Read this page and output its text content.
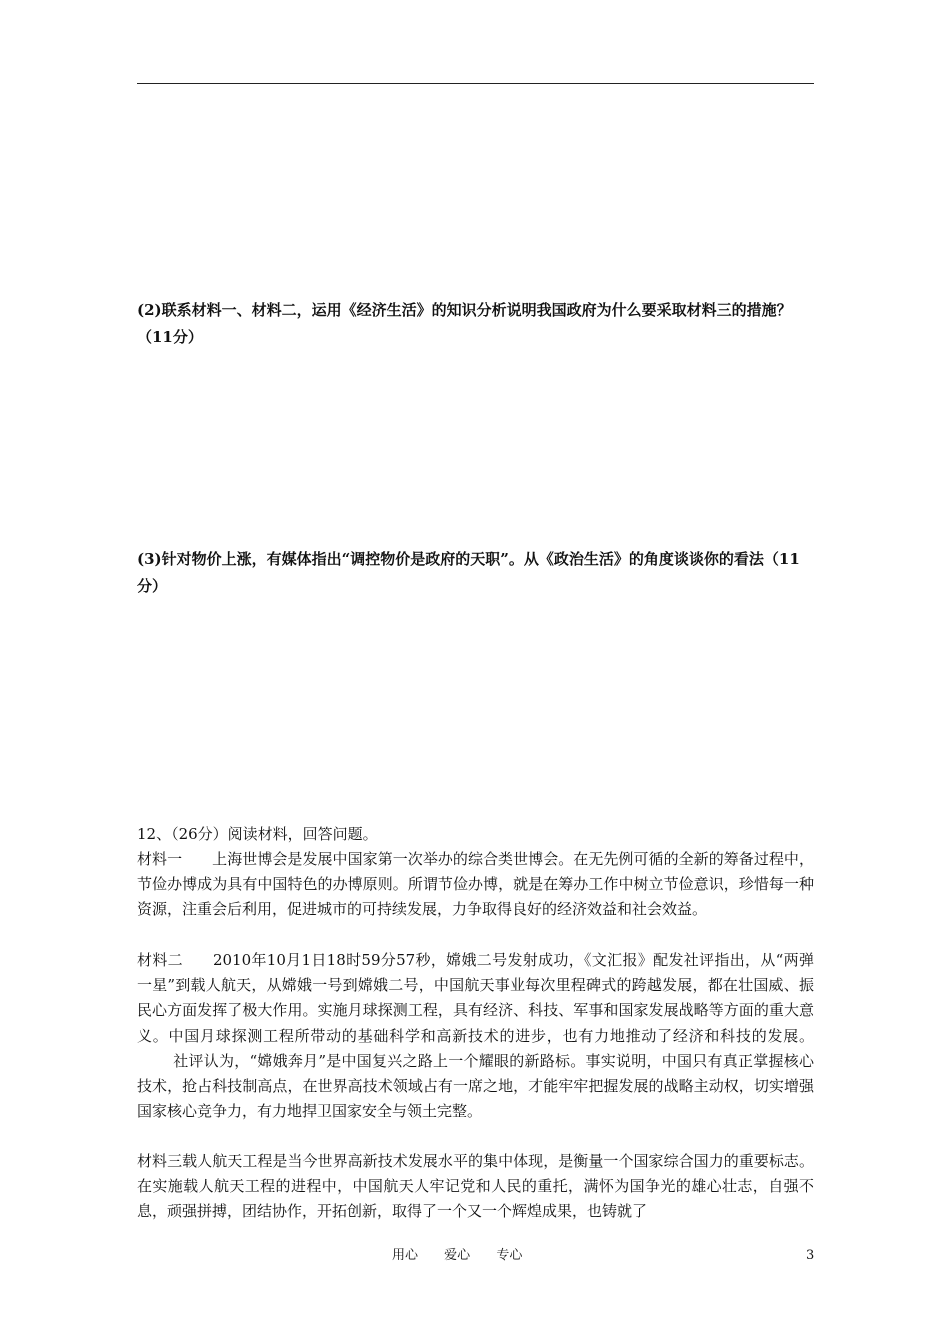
(2)联系材料一、材料二，运用《经济生活》的知识分析说明我国政府为什么要采取材料三的措施？（11分）
(3)针对物价上涨，有媒体指出“调控物价是政府的天职”。从《政治生活》的角度谈谈你的看法（11分）
12、（26分）阅读材料，回答问题。
材料一 上海世博会是发展中国家第一次举办的综合类世博会。在无先例可循的全新的筹备过程中，节俭办博成为具有中国特色的办博原则。所谓节俭办博，就是在筹办工作中树立节俭意识，珍惜每一种资源，注重会后利用，促进城市的可持续发展，力争取得良好的经济效益和社会效益。
材料二 2010年10月1日18时59分57秒，嫦娥二号发射成功，《文汇报》配发社评指出，从“两弹一星”到载人航天，从嫦娥一号到嫦娥二号，中国航天事业每次里程碑式的跨越发展，都在壮国威、振民心方面发挥了极大作用。实施月球探测工程，具有经济、科技、军事和国家发展战略等方面的重大意义。中国月球探测工程所带动的基础科学和高新技术的进步，也有力地推动了经济和科技的发展。社评认为，“嫦娥奔月”是中国复兴之路上一个耀眼的新路标。事实说明，中国只有真正掌握核心技术，抢占科技制高点，在世界高技术领域占有一席之地，才能牢牢把握发展的战略主动权，切实增强国家核心竞争力，有力地捍卫国家安全与领土完整。
材料三载人航天工程是当今世界高新技术发展水平的集中体现，是衡量一个国家综合国力的重要标志。在实施载人航天工程的进程中，中国航天人牢记党和人民的重托，满怀为国争光的雄心壮志，自强不息，顽强拼搏，团结协作，开拓创新，取得了一个又一个辉煌成果，也铸就了
用心 爱心 专心	3
